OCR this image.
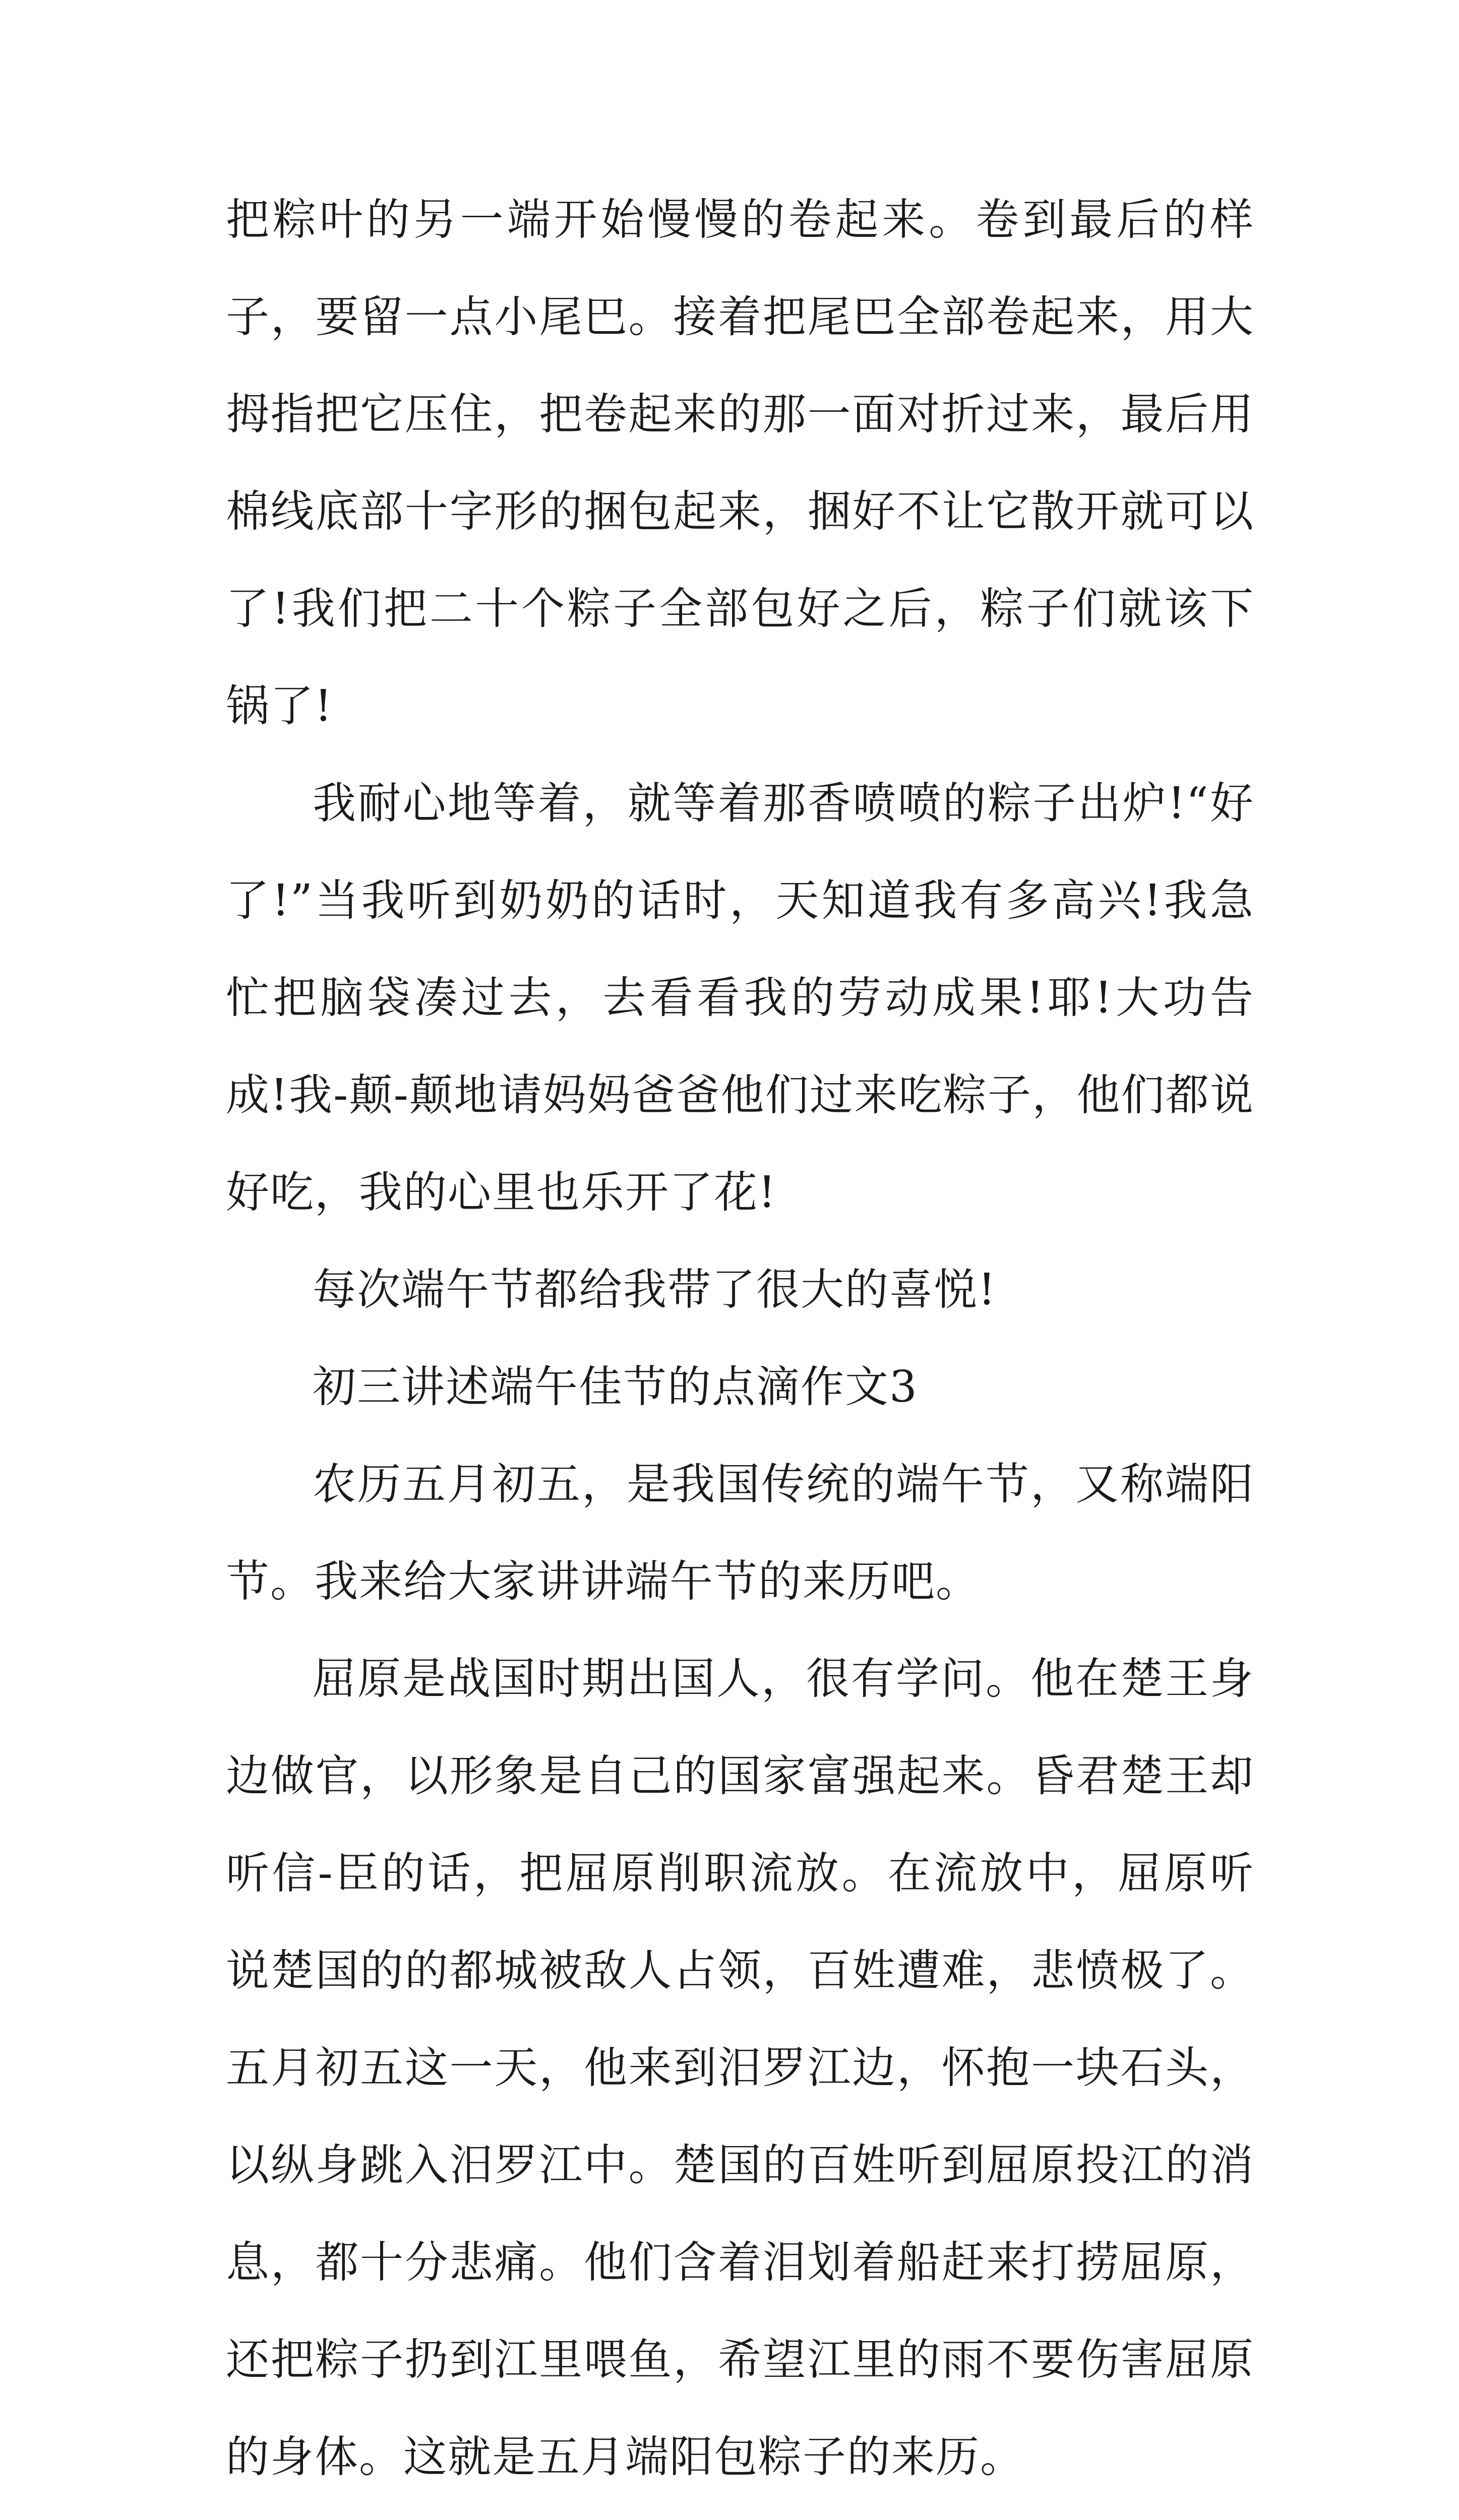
把粽叶的另一端开始慢慢的卷起来。卷到最后的样子，要留一点小尾巴。接着把尾巴全部卷起来，用大拇指把它压住，把卷起来的那一面对折过来，最后用棉线底部十字形的捆包起来，捆好不让它散开就可以了!我们把二十个粽子全部包好之后，粽子们就该下锅了!

我耐心地等着，就等着那香喷喷的粽子出炉!“好了!”当我听到奶奶的话时，天知道我有多高兴!我急忙把脑袋凑过去，去看看我的劳动成果!耶!大功告成!我-颠-颠地请妈妈爸爸他们过来吃粽子，他们都说好吃，我的心里也乐开了花!

每次端午节都给我带了很大的喜悦!

初三讲述端午佳节的点滴作文3

农历五月初五，是我国传统的端午节，又称端阳节。我来给大家讲讲端午节的来历吧。

屈原是战国时期出国人，很有学问。他在楚王身边做官，以形象是自己的国家富强起来。昏君楚王却听信-臣的话，把屈原削职流放。在流放中，屈原听说楚国的的都城被敌人占领，百姓遭难，悲愤极了。五月初五这一天，他来到汨罗江边，怀抱一块石头，以纵身跳入汨罗江中。楚国的百姓听到屈原投江的消息，都十分悲痛。他们含着泪划着船赶来打捞屈原，还把粽子扔到江里喂鱼，希望江里的雨不要伤害屈原的身体。这就是五月端阳包粽子的来历。
